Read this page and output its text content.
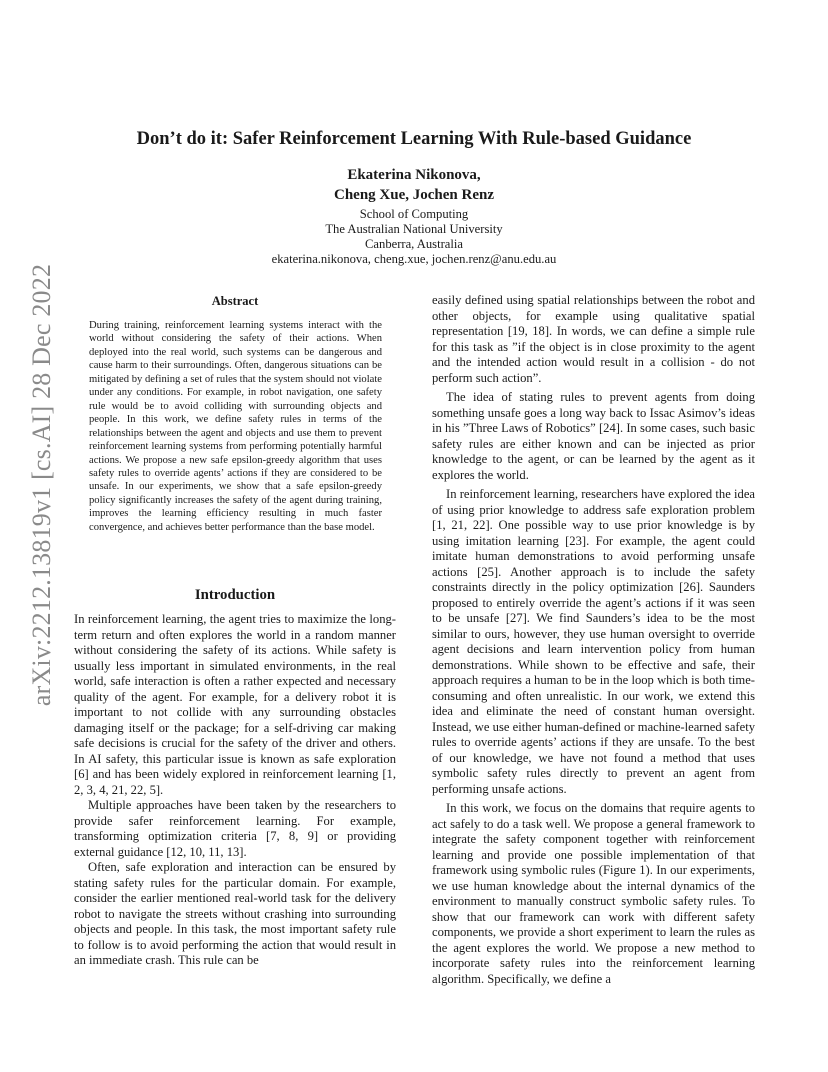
arXiv:2212.13819v1 [cs.AI] 28 Dec 2022
Don’t do it: Safer Reinforcement Learning With Rule-based Guidance
Ekaterina Nikonova,
Cheng Xue, Jochen Renz
School of Computing
The Australian National University
Canberra, Australia
ekaterina.nikonova, cheng.xue, jochen.renz@anu.edu.au
Abstract
During training, reinforcement learning systems interact with the world without considering the safety of their actions. When deployed into the real world, such systems can be dangerous and cause harm to their surroundings. Often, dangerous situations can be mitigated by defining a set of rules that the system should not violate under any conditions. For example, in robot navigation, one safety rule would be to avoid colliding with surrounding objects and people. In this work, we define safety rules in terms of the relationships between the agent and objects and use them to prevent reinforcement learning systems from performing potentially harmful actions. We propose a new safe epsilon-greedy algorithm that uses safety rules to override agents’ actions if they are considered to be unsafe. In our experiments, we show that a safe epsilon-greedy policy significantly increases the safety of the agent during training, improves the learning efficiency resulting in much faster convergence, and achieves better performance than the base model.
Introduction

In reinforcement learning, the agent tries to maximize the long-term return and often explores the world in a random manner without considering the safety of its actions. While safety is usually less important in simulated environments, in the real world, safe interaction is often a rather expected and necessary quality of the agent. For example, for a delivery robot it is important to not collide with any surrounding obstacles damaging itself or the package; for a self-driving car making safe decisions is crucial for the safety of the driver and others. In AI safety, this particular issue is known as safe exploration [6] and has been widely explored in reinforcement learning [1, 2, 3, 4, 21, 22, 5].

Multiple approaches have been taken by the researchers to provide safer reinforcement learning. For example, transforming optimization criteria [7, 8, 9] or providing external guidance [12, 10, 11, 13].

Often, safe exploration and interaction can be ensured by stating safety rules for the particular domain. For example, consider the earlier mentioned real-world task for the delivery robot to navigate the streets without crashing into surrounding objects and people. In this task, the most important safety rule to follow is to avoid performing the action that would result in an immediate crash. This rule can be

easily defined using spatial relationships between the robot and other objects, for example using qualitative spatial representation [19, 18]. In words, we can define a simple rule for this task as ”if the object is in close proximity to the agent and the intended action would result in a collision - do not perform such action”.

The idea of stating rules to prevent agents from doing something unsafe goes a long way back to Issac Asimov’s ideas in his ”Three Laws of Robotics” [24]. In some cases, such basic safety rules are either known and can be injected as prior knowledge to the agent, or can be learned by the agent as it explores the world.

In reinforcement learning, researchers have explored the idea of using prior knowledge to address safe exploration problem [1, 21, 22]. One possible way to use prior knowledge is by using imitation learning [23]. For example, the agent could imitate human demonstrations to avoid performing unsafe actions [25]. Another approach is to include the safety constraints directly in the policy optimization [26]. Saunders proposed to entirely override the agent’s actions if it was seen to be unsafe [27]. We find Saunders’s idea to be the most similar to ours, however, they use human oversight to override agent decisions and learn intervention policy from human demonstrations. While shown to be effective and safe, their approach requires a human to be in the loop which is both time-consuming and often unrealistic. In our work, we extend this idea and eliminate the need of constant human oversight. Instead, we use either human-defined or machine-learned safety rules to override agents’ actions if they are unsafe. To the best of our knowledge, we have not found a method that uses symbolic safety rules directly to prevent an agent from performing unsafe actions.

In this work, we focus on the domains that require agents to act safely to do a task well. We propose a general framework to integrate the safety component together with reinforcement learning and provide one possible implementation of that framework using symbolic rules (Figure 1). In our experiments, we use human knowledge about the internal dynamics of the environment to manually construct symbolic safety rules. To show that our framework can work with different safety components, we provide a short experiment to learn the rules as the agent explores the world. We propose a new method to incorporate safety rules into the reinforcement learning algorithm. Specifically, we define a
